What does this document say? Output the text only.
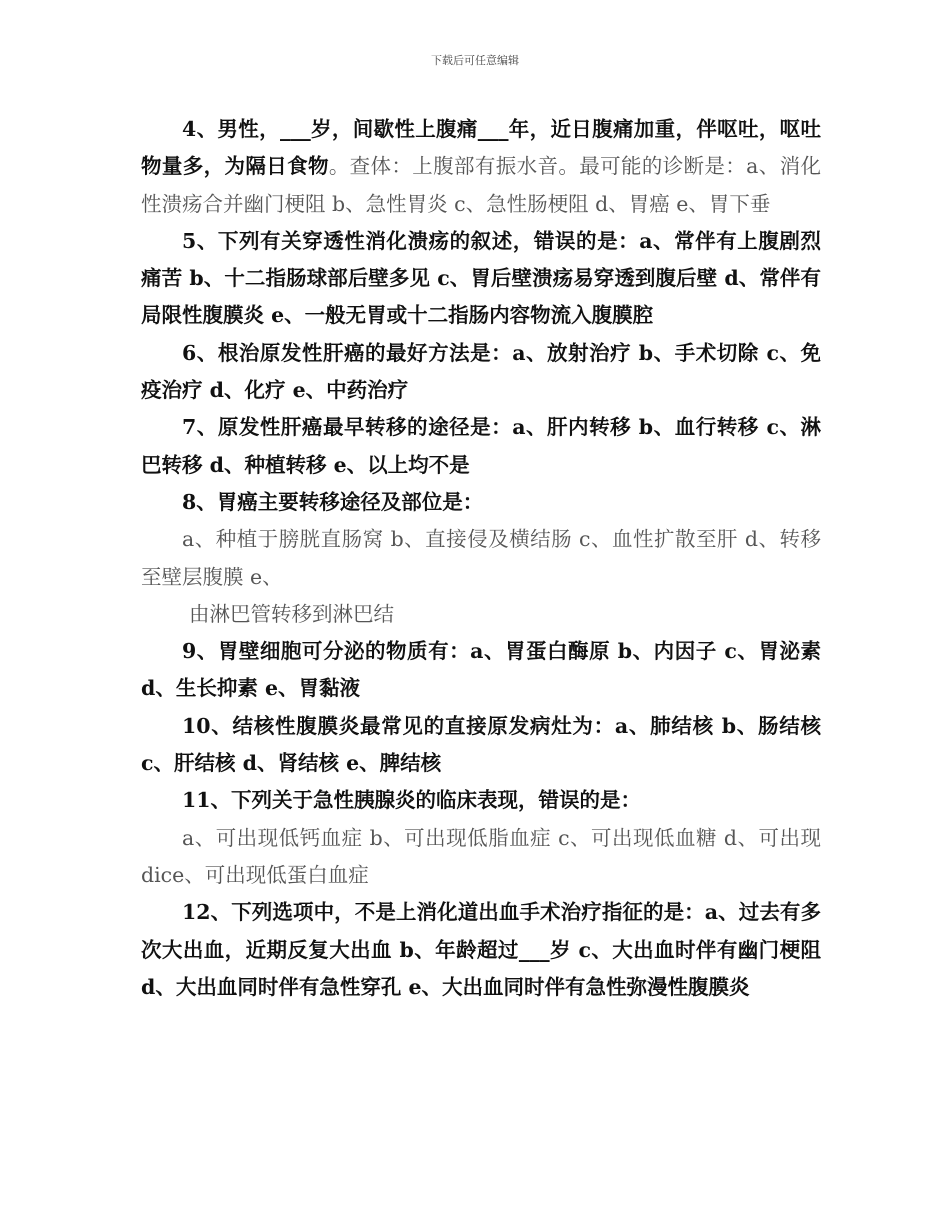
下载后可任意编辑

4、男性，___岁，间歇性上腹痛___年，近日腹痛加重，伴呕吐，呕吐物量多，为隔日食物。查体：上腹部有振水音。最可能的诊断是：a、消化性溃疡合并幽门梗阻 b、急性胃炎 c、急性肠梗阻 d、胃癌 e、胃下垂

5、下列有关穿透性消化溃疡的叙述，错误的是：a、常伴有上腹剧烈痛苦 b、十二指肠球部后壁多见 c、胃后壁溃疡易穿透到腹后壁 d、常伴有局限性腹膜炎 e、一般无胃或十二指肠内容物流入腹膜腔

6、根治原发性肝癌的最好方法是：a、放射治疗 b、手术切除 c、免疫治疗 d、化疗 e、中药治疗

7、原发性肝癌最早转移的途径是：a、肝内转移 b、血行转移 c、淋巴转移 d、种植转移 e、以上均不是

8、胃癌主要转移途径及部位是：

a、种植于膀胱直肠窝 b、直接侵及横结肠 c、血性扩散至肝 d、转移至壁层腹膜 e、

由淋巴管转移到淋巴结

9、胃壁细胞可分泌的物质有：a、胃蛋白酶原 b、内因子 c、胃泌素 d、生长抑素 e、胃黏液

10、结核性腹膜炎最常见的直接原发病灶为：a、肺结核 b、肠结核 c、肝结核 d、肾结核 e、脾结核

11、下列关于急性胰腺炎的临床表现，错误的是：

a、可出现低钙血症 b、可出现低脂血症 c、可出现低血糖 d、可出现 dice、可出现低蛋白血症

12、下列选项中，不是上消化道出血手术治疗指征的是：a、过去有多次大出血，近期反复大出血 b、年龄超过___岁 c、大出血时伴有幽门梗阻 d、大出血同时伴有急性穿孔 e、大出血同时伴有急性弥漫性腹膜炎
